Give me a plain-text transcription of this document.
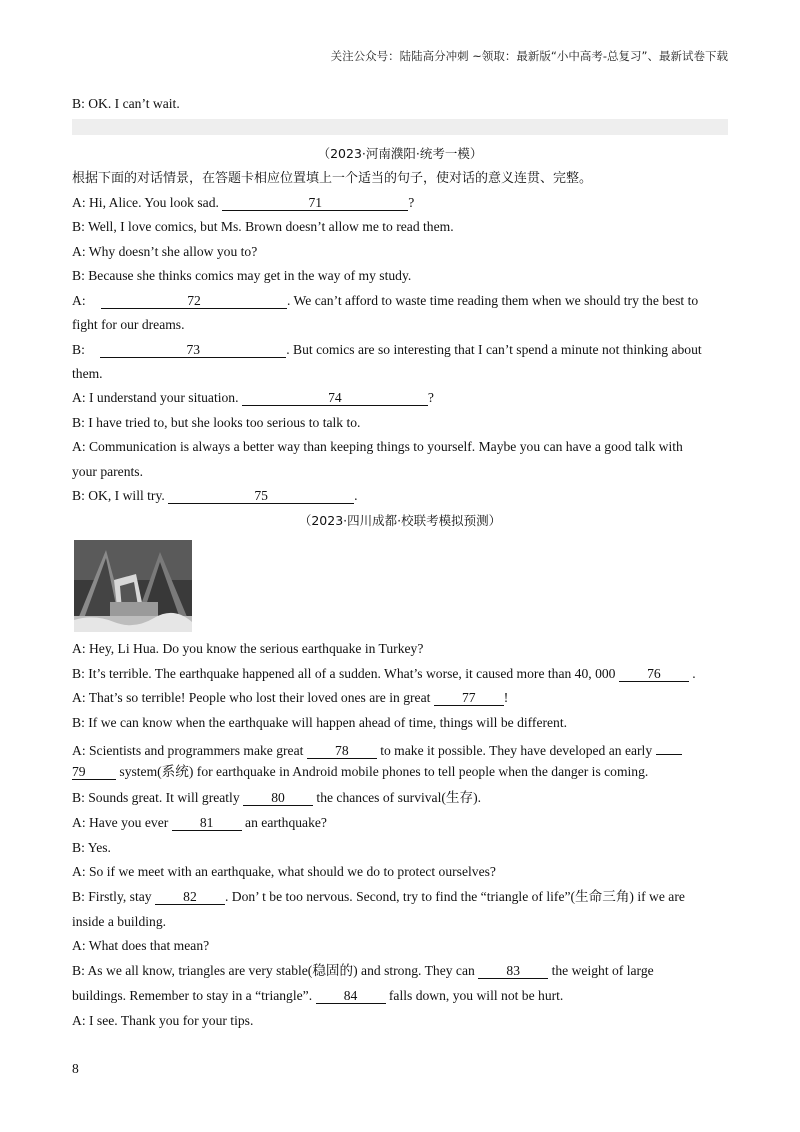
关注公众号：陆陆高分冲刺 ~领取：最新版“小中高考-总复习”、最新试卷下载
B: OK. I can’t wait.
（2023·河南濮阳·统考一模）
根据下面的对话情景，在答题卡相应位置填上一个适当的句子，使对话的意义连贯、完整。
A: Hi, Alice. You look sad.	71	?
B: Well, I love comics, but Ms. Brown doesn’t allow me to read them.
A: Why doesn’t she allow you to?
B: Because she thinks comics may get in the way of my study.
A:	72	. We can’t afford to waste time reading them when we should try the best to
fight for our dreams.
B:	73	. But comics are so interesting that I can’t spend a minute not thinking about
them.
A: I understand your situation.	74	?
B: I have tried to, but she looks too serious to talk to.
A: Communication is always a better way than keeping things to yourself. Maybe you can have a good talk with
your parents.
B: OK, I will try.	75	.
（2023·四川成都·校联考模拟预测）
A: Hey, Li Hua. Do you know the serious earthquake in Turkey?
B: It’s terrible. The earthquake happened all of a sudden. What’s worse, it caused more than 40, 000 76 .
A: That’s so terrible! People who lost their loved ones are in great 77 !
B: If we can know when the earthquake will happen ahead of time, things will be different.
A: Scientists and programmers make great 78 to make it possible. They have developed an early
79 system(系统) for earthquake in Android mobile phones to tell people when the danger is coming.
B: Sounds great. It will greatly 80 the chances of survival(生存).
A: Have you ever 81 an earthquake?
B: Yes.
A: So if we meet with an earthquake, what should we do to protect ourselves?
B: Firstly, stay 82 . Don’ t be too nervous. Second, try to find the “triangle of life”(生命三角) if we are
inside a building.
A: What does that mean?
B: As we all know, triangles are very stable(稳固的) and strong. They can 83 the weight of large
buildings. Remember to stay in a “triangle”. 84 falls down, you will not be hurt.
A: I see. Thank you for your tips.
8
